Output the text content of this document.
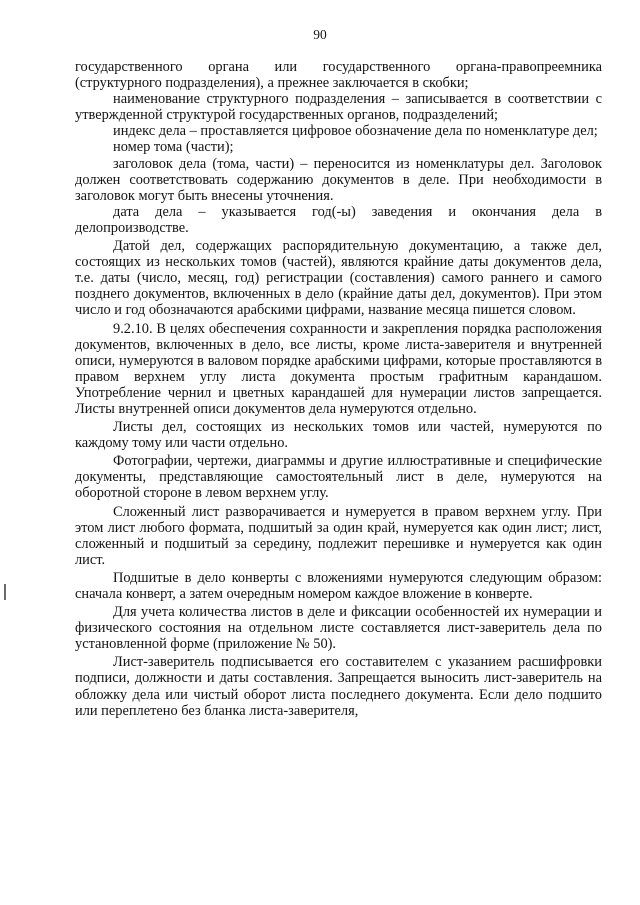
90

государственного органа или государственного органа-правопреемника (структурного подразделения), а прежнее заключается в скобки;

наименование структурного подразделения – записывается в соответствии с утвержденной структурой государственных органов, подразделений;

индекс дела – проставляется цифровое обозначение дела по номенклатуре дел;

номер тома (части);

заголовок дела (тома, части) – переносится из номенклатуры дел. Заголовок должен соответствовать содержанию документов в деле. При необходимости в заголовок могут быть внесены уточнения.

дата дела – указывается год(-ы) заведения и окончания дела в делопроизводстве.

Датой дел, содержащих распорядительную документацию, а также дел, состоящих из нескольких томов (частей), являются крайние даты документов дела, т.е. даты (число, месяц, год) регистрации (составления) самого раннего и самого позднего документов, включенных в дело (крайние даты дел, документов). При этом число и год обозначаются арабскими цифрами, название месяца пишется словом.

9.2.10. В целях обеспечения сохранности и закрепления порядка расположения документов, включенных в дело, все листы, кроме листа-заверителя и внутренней описи, нумеруются в валовом порядке арабскими цифрами, которые проставляются в правом верхнем углу листа документа простым графитным карандашом. Употребление чернил и цветных карандашей для нумерации листов запрещается. Листы внутренней описи документов дела нумеруются отдельно.

Листы дел, состоящих из нескольких томов или частей, нумеруются по каждому тому или части отдельно.

Фотографии, чертежи, диаграммы и другие иллюстративные и специфические документы, представляющие самостоятельный лист в деле, нумеруются на оборотной стороне в левом верхнем углу.

Сложенный лист разворачивается и нумеруется в правом верхнем углу. При этом лист любого формата, подшитый за один край, нумеруется как один лист; лист, сложенный и подшитый за середину, подлежит перешивке и нумеруется как один лист.

Подшитые в дело конверты с вложениями нумеруются следующим образом: сначала конверт, а затем очередным номером каждое вложение в конверте.

Для учета количества листов в деле и фиксации особенностей их нумерации и физического состояния на отдельном листе составляется лист-заверитель дела по установленной форме (приложение № 50).

Лист-заверитель подписывается его составителем с указанием расшифровки подписи, должности и даты составления. Запрещается выносить лист-заверитель на обложку дела или чистый оборот листа последнего документа. Если дело подшито или переплетено без бланка листа-заверителя,
